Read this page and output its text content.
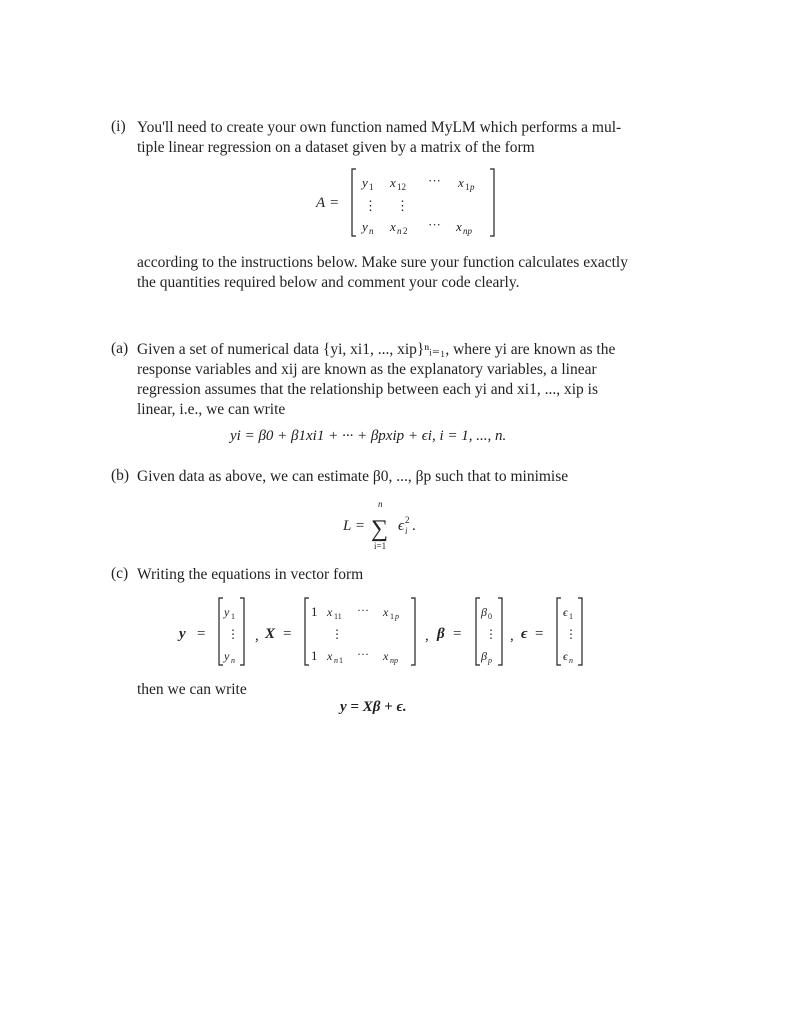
(i) You'll need to create your own function named MyLM which performs a mul-

tiple linear regression on a dataset given by a matrix of the form

A =
y 1 x 12 ··· x 1 p
⋮ ⋮
y n x n 2 ··· x np

according to the instructions below. Make sure your function calculates exactly

the quantities required below and comment your code clearly.

(a) Given a set of numerical data {yi, xi1, ..., xip}ⁿᵢ₌₁, where yi are known as the

response variables and xij are known as the explanatory variables, a linear

regression assumes that the relationship between each yi and xi1, ..., xip is

linear, i.e., we can write

yi = β0 + β1xi1 + ··· + βpxip + ϵi, i = 1, ..., n.
(b) Given data as above, we can estimate β0, ..., βp such that to minimise

L =
n
∑
i=1
ϵ 2
i .
(c) Writing the equations in vector form

y =
y 1
⋮
y n
, X =
1 x 11 ··· x 1 p
⋮
1 x n 1 ··· x np
, β =
β 0
⋮
β p
, ϵ =
ϵ 1
⋮
ϵ n

then we can write

y = Xβ + ϵ.
